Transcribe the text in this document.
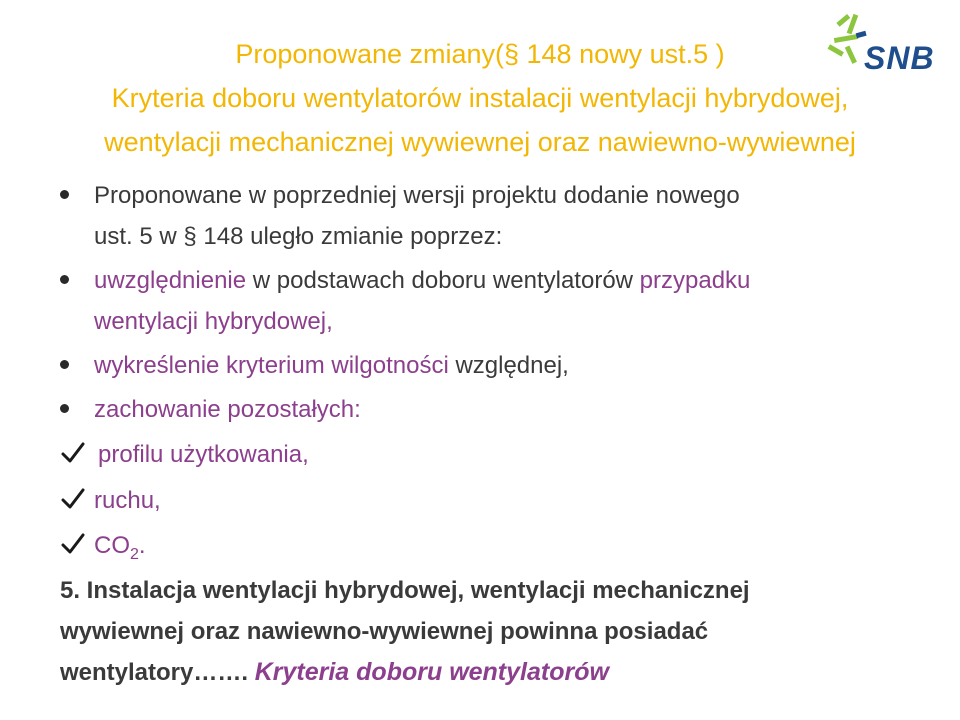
SNB
Proponowane zmiany(§ 148 nowy ust.5 )
Kryteria doboru wentylatorów instalacji wentylacji hybrydowej,
wentylacji mechanicznej wywiewnej oraz nawiewno-wywiewnej
Proponowane w poprzedniej wersji projektu dodanie nowego
ust. 5 w § 148 uległo zmianie poprzez:
uwzględnienie w podstawach doboru wentylatorów przypadku
wentylacji hybrydowej,
wykreślenie kryterium wilgotności względnej,
zachowanie pozostałych:
profilu użytkowania,
ruchu,
$CO_2$.

5. Instalacja wentylacji hybrydowej, wentylacji mechanicznej
wywiewnej oraz nawiewno-wywiewnej powinna posiadać
wentylatory……. Kryteria doboru wentylatorów
